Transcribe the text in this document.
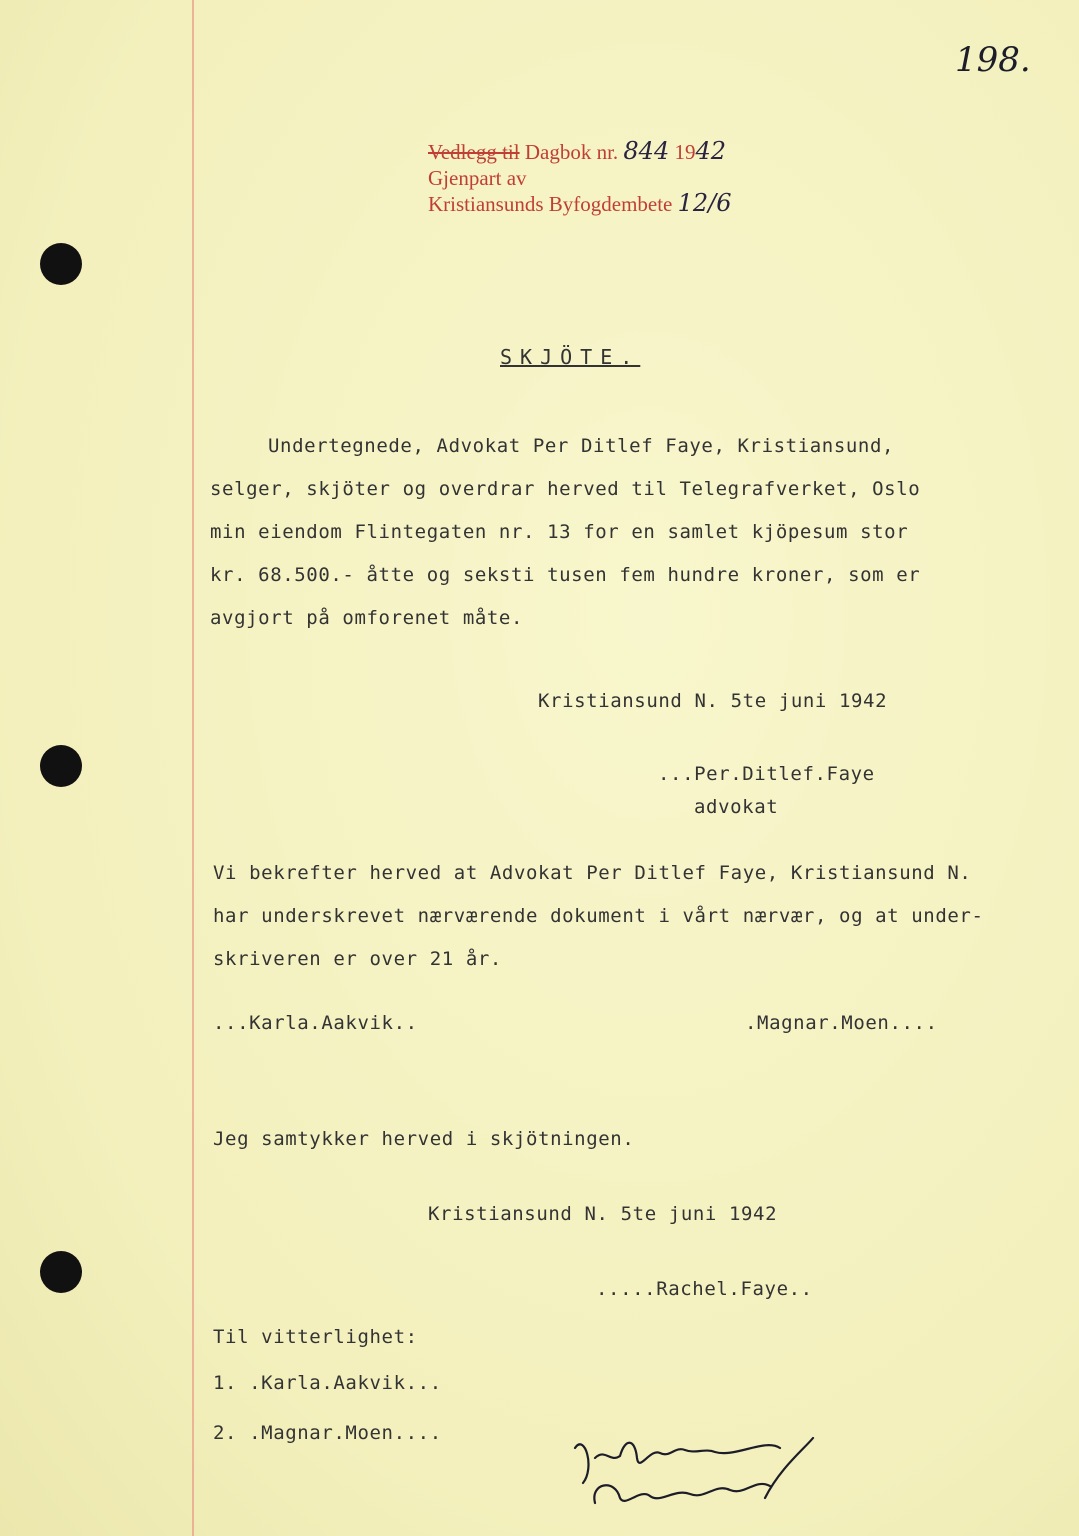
198.
Vedlegg til Dagbok nr. 844 1942
Gjenpart av
Kristiansunds Byfogdembete 12/6
SKJÖTE.
Undertegnede, Advokat Per Ditlef Faye, Kristiansund,
selger, skjöter og overdrar herved til Telegrafverket, Oslo
min eiendom Flintegaten nr. 13 for en samlet kjöpesum stor
kr. 68.500.- åtte og seksti tusen fem hundre kroner, som er
avgjort på omforenet måte.
Kristiansund N. 5te juni 1942
...Per.Ditlef.Faye
advokat
Vi bekrefter herved at Advokat Per Ditlef Faye, Kristiansund N.
har underskrevet nærværende dokument i vårt nærvær, og at under-
skriveren er over 21 år.
...Karla.Aakvik..	.Magnar.Moen....
Jeg samtykker herved i skjötningen.
Kristiansund N. 5te juni 1942
.....Rachel.Faye..
Til vitterlighet:
1. .Karla.Aakvik...
2. .Magnar.Moen....
